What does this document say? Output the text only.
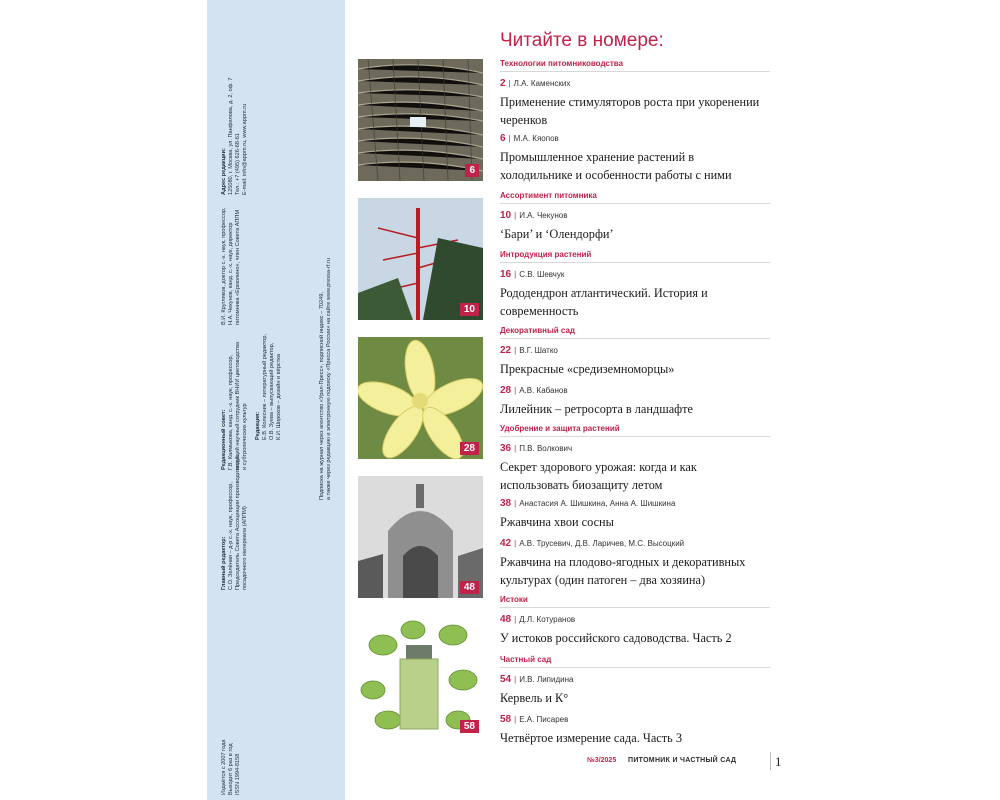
Издаётся с 2007 года Выходит 6 раз в год ISSN 1994-8158
Главный редактор: С.О. Зелёная – д-р с.-х. наук, профессор, Председатель Совета Ассоциации производителей посадочного материала (АППМ)
Редакционный совет: Г.В. Калмыкова, канд. с.-х. наук, профессор, ведущий научный сотрудник ВНИИ цветоводства и субтропических культур
В.И. Кругляков, доктор с.-х. наук, профессор, Н.А. Чекунов, канд. с.-х. наук, директор питомника «Ермолино», член Совета АППМ
Адрес редакции: 125080, г. Москва, ул. Панфилова, д. 2, оф. 7 Тел.: +7 (495) 626-68-61 E-mail: info@appm.ru, www.appm.ru
Редакция: Е.В. Колесник – литературный редактор, О.В. Зуева – выпускающий редактор, К.И. Широков – дизайн и вёрстка	Подписка на журнал через агентство «Урал-Пресс», подписной индекс – 70249, а также через редакцию и электронную подписку «Пресса России» на сайте www.pressa-rf.ru
6
10
28
48
58
Читайте в номере:
Технологии питомниководства
2 | Л.А. Каменских
Применение стимуляторов роста при укоренении черенков
6 | М.А. Кяопов
Промышленное хранение растений в холодильнике и особенности работы с ними
Ассортимент питомника
10 | И.А. Чекунов
‘Бари’ и ‘Олендорфи’
Интродукция растений
16 | С.В. Шевчук
Рододендрон атлантический. История и современность
Декоративный сад
22 | В.Г. Шатко
Прекрасные «средиземноморцы»
28 | А.В. Кабанов
Лилейник – ретросорта в ландшафте
Удобрение и защита растений
36 | П.В. Волкович
Секрет здорового урожая: когда и как использовать биозащиту летом
38 | Анастасия А. Шишкина, Анна А. Шишкина
Ржавчина хвои сосны
42 | А.В. Трусевич, Д.В. Ларичев, М.С. Высоцкий
Ржавчина на плодово-ягодных и декоративных культурах (один патоген – два хозяина)
Истоки
48 | Д.Л. Котуранов
У истоков российского садоводства. Часть 2
Частный сад
54 | И.В. Липидина
Кервель и К°
58 | Е.А. Писарев
Четвёртое измерение сада. Часть 3
№3/2025 ПИТОМНИК И ЧАСТНЫЙ САД	1
